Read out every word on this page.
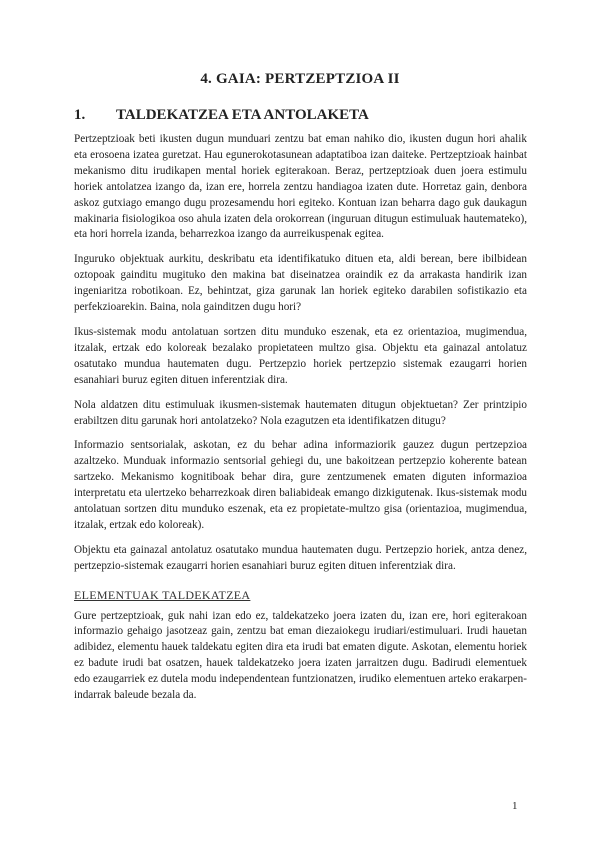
4. GAIA: PERTZEPTZIOA II
1. TALDEKATZEA ETA ANTOLAKETA

Pertzeptzioak beti ikusten dugun munduari zentzu bat eman nahiko dio, ikusten dugun hori ahalik eta erosoena izatea guretzat. Hau egunerokotasunean adaptatiboa izan daiteke. Pertzeptzioak hainbat mekanismo ditu irudikapen mental horiek egiterakoan. Beraz, pertzeptzioak duen joera estimulu horiek antolatzea izango da, izan ere, horrela zentzu handiagoa izaten dute. Horretaz gain, denbora askoz gutxiago emango dugu prozesamendu hori egiteko. Kontuan izan beharra dago guk daukagun makinaria fisiologikoa oso ahula izaten dela orokorrean (inguruan ditugun estimuluak hautemateko), eta hori horrela izanda, beharrezkoa izango da aurreikuspenak egitea.

Inguruko objektuak aurkitu, deskribatu eta identifikatuko dituen eta, aldi berean, bere ibilbidean oztopoak gainditu mugituko den makina bat diseinatzea oraindik ez da arrakasta handirik izan ingeniaritza robotikoan. Ez, behintzat, giza garunak lan horiek egiteko darabilen sofistikazio eta perfekzioarekin. Baina, nola gainditzen dugu hori?

Ikus-sistemak modu antolatuan sortzen ditu munduko eszenak, eta ez orientazioa, mugimendua, itzalak, ertzak edo koloreak bezalako propietateen multzo gisa. Objektu eta gainazal antolatuz osatutako mundua hautematen dugu. Pertzepzio horiek pertzepzio sistemak ezaugarri horien esanahiari buruz egiten dituen inferentziak dira.

Nola aldatzen ditu estimuluak ikusmen-sistemak hautematen ditugun objektuetan? Zer printzipio erabiltzen ditu garunak hori antolatzeko? Nola ezagutzen eta identifikatzen ditugu?

Informazio sentsorialak, askotan, ez du behar adina informaziorik gauzez dugun pertzepzioa azaltzeko. Munduak informazio sentsorial gehiegi du, une bakoitzean pertzepzio koherente batean sartzeko. Mekanismo kognitiboak behar dira, gure zentzumenek ematen diguten informazioa interpretatu eta ulertzeko beharrezkoak diren baliabideak emango dizkigutenak. Ikus-sistemak modu antolatuan sortzen ditu munduko eszenak, eta ez propietate-multzo gisa (orientazioa, mugimendua, itzalak, ertzak edo koloreak).

Objektu eta gainazal antolatuz osatutako mundua hautematen dugu. Pertzepzio horiek, antza denez, pertzepzio-sistemak ezaugarri horien esanahiari buruz egiten dituen inferentziak dira.

ELEMENTUAK TALDEKATZEA

Gure pertzeptzioak, guk nahi izan edo ez, taldekatzeko joera izaten du, izan ere, hori egiterakoan informazio gehaigo jasotzeaz gain, zentzu bat eman diezaiokegu irudiari/estimuluari. Irudi hauetan adibidez, elementu hauek taldekatu egiten dira eta irudi bat ematen digute. Askotan, elementu horiek ez badute irudi bat osatzen, hauek taldekatzeko joera izaten jarraitzen dugu. Badirudi elementuek edo ezaugarriek ez dutela modu independentean funtzionatzen, irudiko elementuen arteko erakarpen-indarrak baleude bezala da.

1
